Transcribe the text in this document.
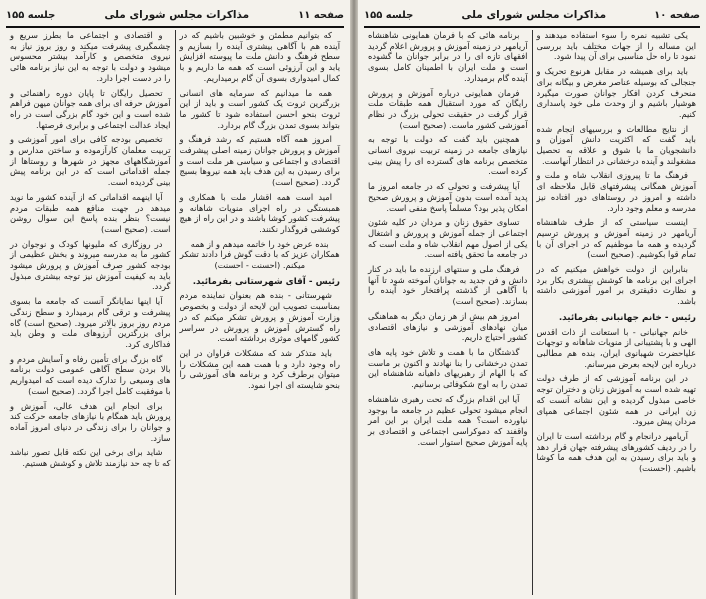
صفحه ۱۱
مذاکرات مجلس شورای ملی
جلسه ۱۵۵

که بتوانیم مطمئن و خوشبین باشیم که در آینده هم با آگاهی بیشتری آینده را بسازیم و سطح فرهنگ و دانش ملت ما پیوسته افزایش یابد و این آرزوئی است که همه ما داریم و با کمال امیدواری بسوی آن گام برمیداریم.

همه ما میدانیم که سرمایه های انسانی بزرگترین ثروت یک کشور است و باید از این ثروت بنحو احسن استفاده شود تا کشور ما بتواند بسوی تمدن بزرگ گام بردارد.

امروز همه آگاه هستیم که رشد فرهنگ و آموزش و پرورش جوانان زمینه اصلی پیشرفت اقتصادی و اجتماعی و سیاسی هر ملت است و برای رسیدن به این هدف باید همه نیروها بسیج گردد. (صحیح است)

امید است همه اقشار ملت با همکاری و همبستگی در راه اجرای منویات شاهانه و پیشرفت کشور کوشا باشند و در این راه از هیچ کوششی فروگذار نکنند.

بنده عرض خود را خاتمه میدهم و از همه همکاران عزیز که با دقت گوش فرا دادند تشکر میکنم. (احسنت - احسنت)

رئیس - آقای شهرستانی بفرمائید.

شهرستانی - بنده هم بعنوان نماینده مردم بمناسبت تصویب این لایحه از دولت و بخصوص وزارت آموزش و پرورش تشکر میکنم که در راه گسترش آموزش و پرورش در سراسر کشور گامهای موثری برداشته است.

باید متذکر شد که مشکلات فراوان در این راه وجود دارد و با همت همه این مشکلات را میتوان برطرف کرد و برنامه های آموزشی را بنحو شایسته ای اجرا نمود.

و اقتصادی و اجتماعی ما بطرز سریع و چشمگیری پیشرفت میکند و روز بروز نیاز به نیروی متخصص و کارآمد بیشتر محسوس میشود و دولت با توجه به این نیاز برنامه هائی را در دست اجرا دارد.

تحصیل رایگان تا پایان دوره راهنمائی و آموزش حرفه ای برای همه جوانان میهن فراهم شده است و این خود گام بزرگی است در راه ایجاد عدالت اجتماعی و برابری فرصتها.

تخصیص بودجه کافی برای امور آموزشی و تربیت معلمان کارآزموده و ساختن مدارس و آموزشگاههای مجهز در شهرها و روستاها از جمله اقداماتی است که در این برنامه پیش بینی گردیده است.

آیا اینهمه اقداماتی که از آینده کشور ما نوید میدهد در جهت منافع همه طبقات مردم نیست؟ بنظر بنده پاسخ این سوال روشن است. (صحیح است)

در روزگاری که ملیونها کودک و نوجوان در کشور ما به مدرسه میروند و بخش عظیمی از بودجه کشور صرف آموزش و پرورش میشود باید به کیفیت آموزش نیز توجه بیشتری مبذول گردد.

آیا اینها نمایانگر آنست که جامعه ما بسوی پیشرفت و ترقی گام برمیدارد و سطح زندگی مردم روز بروز بالاتر میرود. (صحیح است) گاه برای بزرگترین آرزوهای ملت و وطن باید فداکاری کرد.

گاه بزرگ برای تأمین رفاه و آسایش مردم و بالا بردن سطح آگاهی عمومی دولت برنامه های وسیعی را تدارک دیده است که امیدواریم با موفقیت کامل اجرا گردد. (صحیح است)

برای انجام این هدف عالی، آموزش و پرورش باید همگام با نیازهای جامعه حرکت کند و جوانان را برای زندگی در دنیای امروز آماده سازد.

شاید برای برخی این نکته قابل تصور نباشد که تا چه حد نیازمند تلاش و کوشش هستیم.

صفحه ۱۰
مذاکرات مجلس شورای ملی
جلسه ۱۵۵

یکی تشبیه نمره را سوء استفاده میدهند و این مساله را از جهات مختلف باید بررسی نمود تا راه حل مناسبی برای آن پیدا شود.

باید برای همیشه در مقابل هرنوع تحریک و جنجالی که بوسیله عناصر مغرض و بیگانه برای منحرف کردن افکار جوانان صورت میگیرد هوشیار باشیم و از وحدت ملی خود پاسداری کنیم.

از نتایج مطالعات و بررسیهای انجام شده باید گفت که اکثریت دانش آموزان و دانشجویان ما با شوق و علاقه به تحصیل مشغولند و آینده درخشانی در انتظار آنهاست.

فرهنگ ما تا پیروزی انقلاب شاه و ملت و آموزش همگانی پیشرفتهای قابل ملاحظه ای داشته و امروز در روستاهای دور افتاده نیز مدرسه و معلم وجود دارد.

اینست سیاستی که از طرف شاهنشاه آریامهر در زمینه آموزش و پرورش ترسیم گردیده و همه ما موظفیم که در اجرای آن با تمام قوا بکوشیم. (صحیح است)

بنابراین از دولت خواهش میکنیم که در اجرای این برنامه ها کوشش بیشتری بکار برد و نظارت دقیقتری بر امور آموزشی داشته باشد.

رئیس - خانم جهانبانی بفرمائید.

خانم جهانبانی - با استعانت از ذات اقدس الهی و با پشتیبانی از منویات شاهانه و توجهات علیاحضرت شهبانوی ایران، بنده هم مطالبی درباره این لایحه بعرض میرسانم.

در این برنامه آموزشی که از طرف دولت تهیه شده است به آموزش زنان و دختران توجه خاصی مبذول گردیده و این نشانه آنست که زن ایرانی در همه شئون اجتماعی همپای مردان پیش میرود.

آریامهر درانجام و گام برداشته است تا ایران را در ردیف کشورهای پیشرفته جهان قرار دهد و باید برای رسیدن به این هدف همه ما کوشا باشیم. (احسنت)

برنامه هائی که با فرمان همایونی شاهنشاه آریامهر در زمینه آموزش و پرورش اعلام گردید افقهای تازه ای را در برابر جوانان ما گشوده است و ملت ایران با اطمینان کامل بسوی آینده گام برمیدارد.

فرمان همایونی درباره آموزش و پرورش رایگان که مورد استقبال همه طبقات ملت قرار گرفت در حقیقت تحولی بزرگ در نظام آموزشی کشور ماست. (صحیح است)

همچنین باید گفت که دولت با توجه به نیازهای جامعه در زمینه تربیت نیروی انسانی متخصص برنامه های گسترده ای را پیش بینی کرده است.

آیا پیشرفت و تحولی که در جامعه امروز ما پدید آمده است بدون آموزش و پرورش صحیح امکان پذیر بود؟ مسلماً پاسخ منفی است.

تساوی حقوق زنان و مردان در کلیه شئون اجتماعی از جمله آموزش و پرورش و اشتغال یکی از اصول مهم انقلاب شاه و ملت است که در جامعه ما تحقق یافته است.

فرهنگ ملی و سنتهای ارزنده ما باید در کنار دانش و فن جدید به جوانان آموخته شود تا آنها با آگاهی از گذشته پرافتخار خود آینده را بسازند. (صحیح است)

امروز هم بیش از هر زمان دیگر به هماهنگی میان نهادهای آموزشی و نیازهای اقتصادی کشور احتیاج داریم.

گذشتگان ما با همت و تلاش خود پایه های تمدن درخشانی را بنا نهادند و اکنون بر ماست که با الهام از رهبریهای داهیانه شاهنشاه این تمدن را به اوج شکوفائی برسانیم.

آیا این اقدام بزرگ که تحت رهبری شاهنشاه انجام میشود تحولی عظیم در جامعه ما بوجود نیاورده است؟ همه ملت ایران بر این امر واقفند که دموکراسی اجتماعی و اقتصادی بر پایه آموزش صحیح استوار است.
